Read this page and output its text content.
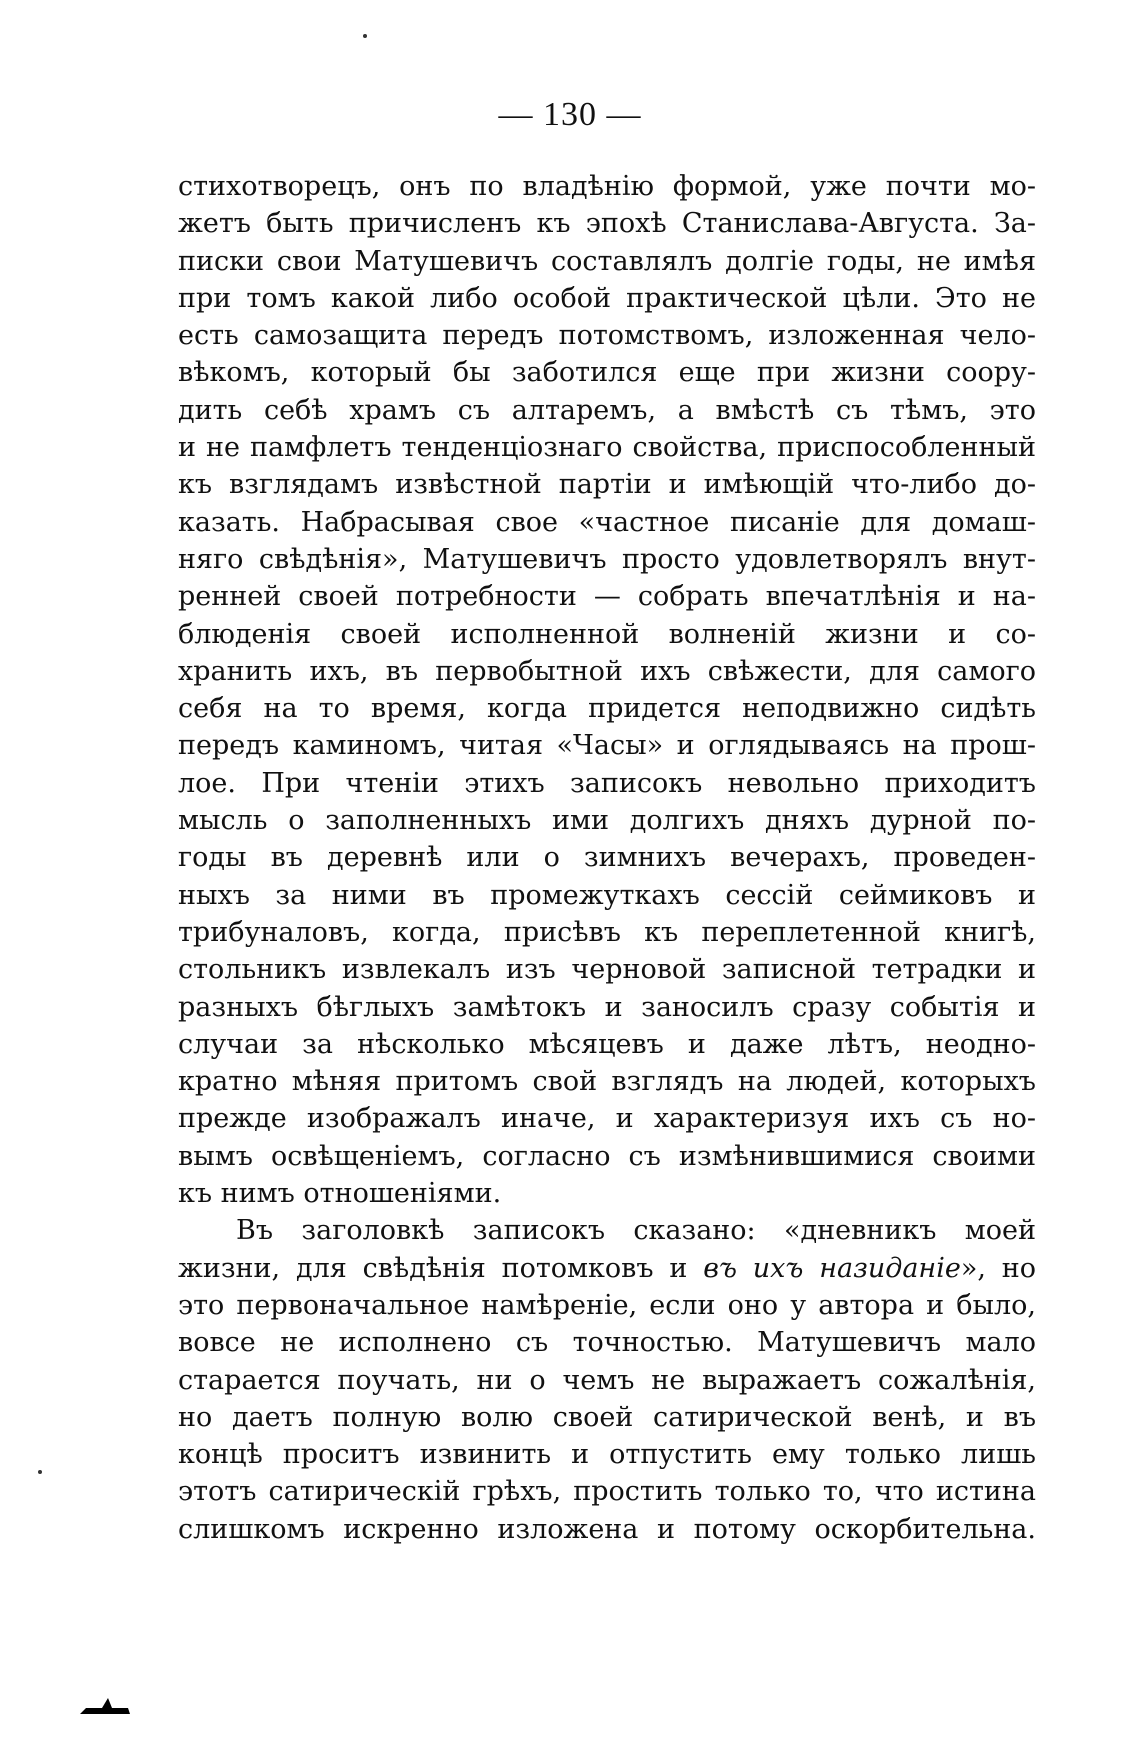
— 130 —
стихотворецъ, онъ по владѣнію формой, уже почти мо-
жетъ быть причисленъ къ эпохѣ Станислава-Августа. За-
писки свои Матушевичъ составлялъ долгіе годы, не имѣя
при томъ какой либо особой практической цѣли. Это не
есть самозащита передъ потомствомъ, изложенная чело-
вѣкомъ, который бы заботился еще при жизни соору-
дить себѣ храмъ съ алтаремъ, а вмѣстѣ съ тѣмъ, это
и не памфлетъ тенденціознаго свойства, приспособленный
къ взглядамъ извѣстной партіи и имѣющій что-либо до-
казать. Набрасывая свое «частное писаніе для домаш-
няго свѣдѣнія», Матушевичъ просто удовлетворялъ внут-
ренней своей потребности — собрать впечатлѣнія и на-
блюденія своей исполненной волненій жизни и со-
хранить ихъ, въ первобытной ихъ свѣжести, для самого
себя на то время, когда придется неподвижно сидѣть
передъ каминомъ, читая «Часы» и оглядываясь на прош-
лое. При чтеніи этихъ записокъ невольно приходитъ
мысль о заполненныхъ ими долгихъ дняхъ дурной по-
годы въ деревнѣ или о зимнихъ вечерахъ, проведен-
ныхъ за ними въ промежуткахъ сессій сеймиковъ и
трибуналовъ, когда, присѣвъ къ переплетенной книгѣ,
стольникъ извлекалъ изъ черновой записной тетрадки и
разныхъ бѣглыхъ замѣтокъ и заносилъ сразу событія и
случаи за нѣсколько мѣсяцевъ и даже лѣтъ, неодно-
кратно мѣняя притомъ свой взглядъ на людей, которыхъ
прежде изображалъ иначе, и характеризуя ихъ съ но-
вымъ освѣщеніемъ, согласно съ измѣнившимися своими
къ нимъ отношеніями.
Въ заголовкѣ записокъ сказано: «дневникъ моей
жизни, для свѣдѣнія потомковъ и въ ихъ назиданіе», но
это первоначальное намѣреніе, если оно у автора и было,
вовсе не исполнено съ точностью. Матушевичъ мало
старается поучать, ни о чемъ не выражаетъ сожалѣнія,
но даетъ полную волю своей сатирической венѣ, и въ
концѣ проситъ извинить и отпустить ему только лишь
этотъ сатирическій грѣхъ, простить только то, что истина
слишкомъ искренно изложена и потому оскорбительна.
